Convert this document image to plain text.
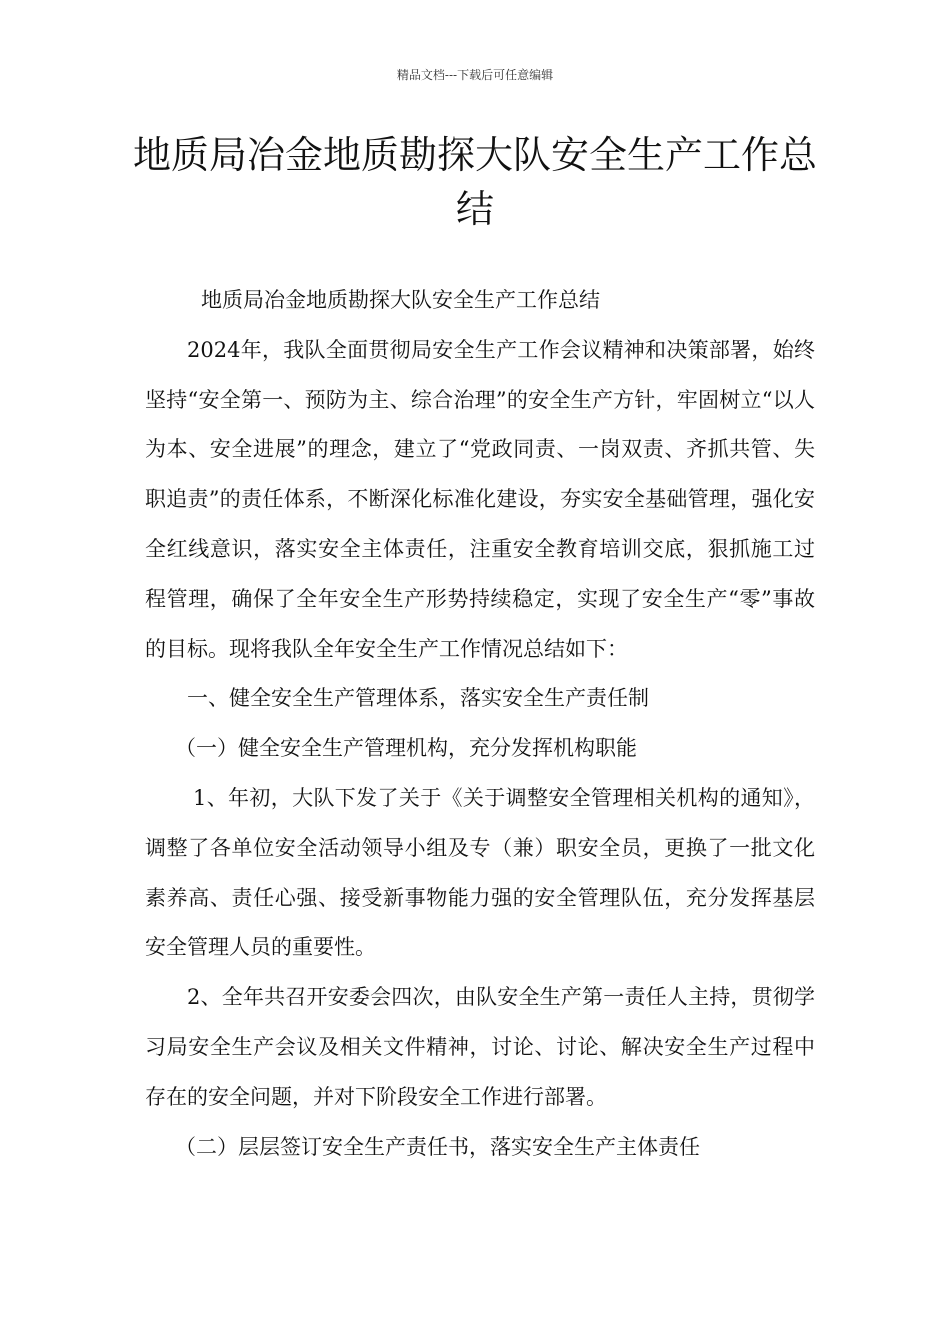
精品文档---下载后可任意编辑
地质局冶金地质勘探大队安全生产工作总结

地质局冶金地质勘探大队安全生产工作总结

2024年，我队全面贯彻局安全生产工作会议精神和决策部署，始终坚持“安全第一、预防为主、综合治理”的安全生产方针，牢固树立“以人为本、安全进展”的理念，建立了“党政同责、一岗双责、齐抓共管、失职追责”的责任体系，不断深化标准化建设，夯实安全基础管理，强化安全红线意识，落实安全主体责任，注重安全教育培训交底，狠抓施工过程管理，确保了全年安全生产形势持续稳定，实现了安全生产“零”事故的目标。现将我队全年安全生产工作情况总结如下：

一、健全安全生产管理体系，落实安全生产责任制

（一）健全安全生产管理机构，充分发挥机构职能

1、年初，大队下发了关于《关于调整安全管理相关机构的通知》，调整了各单位安全活动领导小组及专（兼）职安全员，更换了一批文化素养高、责任心强、接受新事物能力强的安全管理队伍，充分发挥基层安全管理人员的重要性。

2、全年共召开安委会四次，由队安全生产第一责任人主持，贯彻学习局安全生产会议及相关文件精神，讨论、讨论、解决安全生产过程中存在的安全问题，并对下阶段安全工作进行部署。

（二）层层签订安全生产责任书，落实安全生产主体责任
